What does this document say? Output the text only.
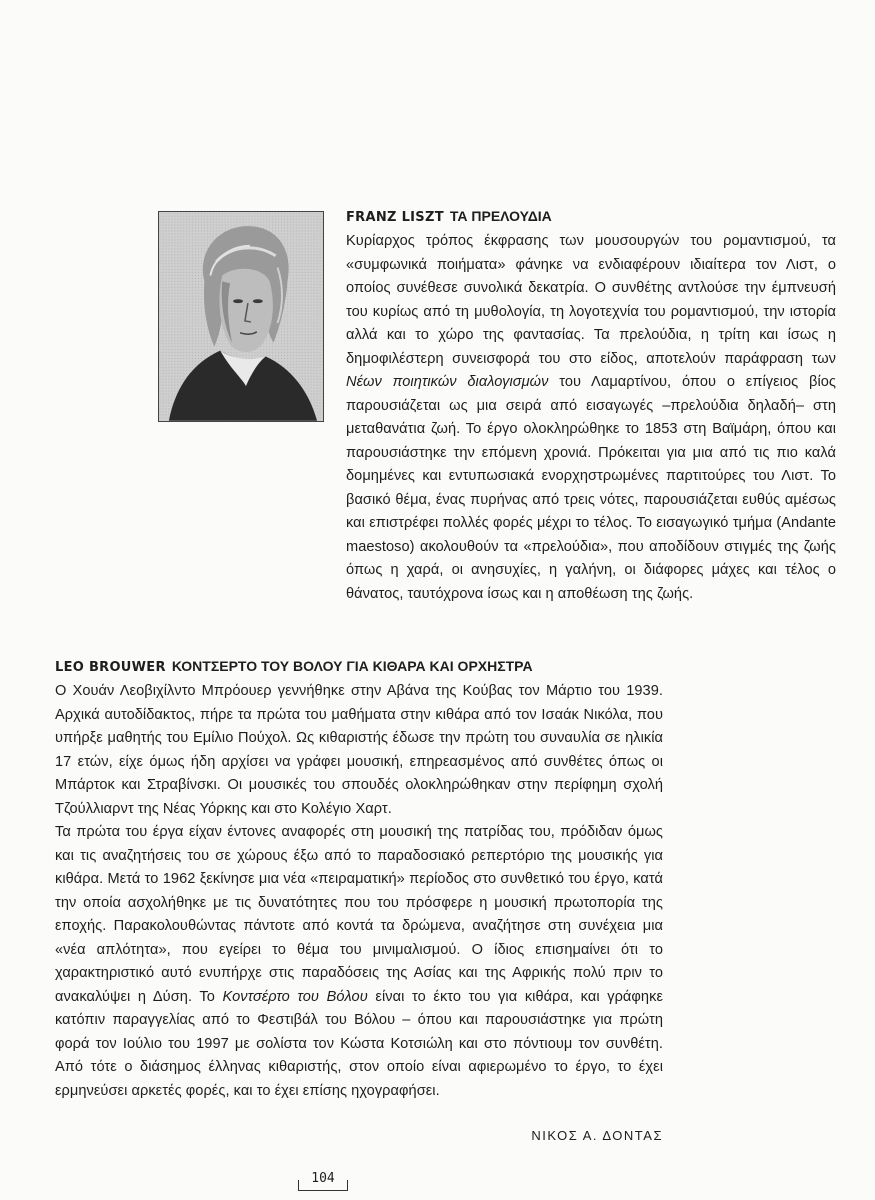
FRANZ LISZT ΤΑ ΠΡΕΛΟΥΔΙΑ

Κυρίαρχος τρόπος έκφρασης των μουσουργών του ρομαντισμού, τα «συμφωνικά ποιήματα» φάνηκε να ενδιαφέρουν ιδιαίτερα τον Λιστ, ο οποίος συνέθεσε συνολικά δεκατρία. Ο συνθέτης αντλούσε την έμπνευσή του κυρίως από τη μυθολογία, τη λογοτεχνία του ρομαντισμού, την ιστορία αλλά και το χώρο της φαντασίας. Τα πρελούδια, η τρίτη και ίσως η δημοφιλέστερη συνεισφορά του στο είδος, αποτελούν παράφραση των Νέων ποιητικών διαλογισμών του Λαμαρτίνου, όπου ο επίγειος βίος παρουσιάζεται ως μια σειρά από εισαγωγές –πρελούδια δηλαδή– στη μεταθανάτια ζωή. Το έργο ολοκληρώθηκε το 1853 στη Βαϊμάρη, όπου και παρουσιάστηκε την επόμενη χρονιά. Πρόκειται για μια από τις πιο καλά δομημένες και εντυπωσιακά ενορχηστρωμένες παρτιτούρες του Λιστ. Το βασικό θέμα, ένας πυρήνας από τρεις νότες, παρουσιάζεται ευθύς αμέσως και επιστρέφει πολλές φορές μέχρι το τέλος. Το εισαγωγικό τμήμα (Andante maestoso) ακολουθούν τα «πρελούδια», που αποδίδουν στιγμές της ζωής όπως η χαρά, οι ανησυχίες, η γαλήνη, οι διάφορες μάχες και τέλος ο θάνατος, ταυτόχρονα ίσως και η αποθέωση της ζωής.

LEO BROUWER ΚΟΝΤΣΕΡΤΟ ΤΟΥ ΒΟΛΟΥ ΓΙΑ ΚΙΘΑΡΑ ΚΑΙ ΟΡΧΗΣΤΡΑ

Ο Χουάν Λεοβιχίλντο Μπρόουερ γεννήθηκε στην Αβάνα της Κούβας τον Μάρτιο του 1939. Αρχικά αυτοδίδακτος, πήρε τα πρώτα του μαθήματα στην κιθάρα από τον Ισαάκ Νικόλα, που υπήρξε μαθητής του Εμίλιο Πούχολ. Ως κιθαριστής έδωσε την πρώτη του συναυλία σε ηλικία 17 ετών, είχε όμως ήδη αρχίσει να γράφει μουσική, επηρεασμένος από συνθέτες όπως οι Μπάρτοκ και Στραβίνσκι. Οι μουσικές του σπουδές ολοκληρώθηκαν στην περίφημη σχολή Τζούλλιαρντ της Νέας Υόρκης και στο Κολέγιο Χαρτ.

Τα πρώτα του έργα είχαν έντονες αναφορές στη μουσική της πατρίδας του, πρόδιδαν όμως και τις αναζητήσεις του σε χώρους έξω από το παραδοσιακό ρεπερτόριο της μουσικής για κιθάρα. Μετά το 1962 ξεκίνησε μια νέα «πειραματική» περίοδος στο συνθετικό του έργο, κατά την οποία ασχολήθηκε με τις δυνατότητες που του πρόσφερε η μουσική πρωτοπορία της εποχής. Παρακολουθώντας πάντοτε από κοντά τα δρώμενα, αναζήτησε στη συνέχεια μια «νέα απλότητα», που εγείρει το θέμα του μινιμαλισμού. Ο ίδιος επισημαίνει ότι το χαρακτηριστικό αυτό ενυπήρχε στις παραδόσεις της Ασίας και της Αφρικής πολύ πριν το ανακαλύψει η Δύση. Το Κοντσέρτο του Βόλου είναι το έκτο του για κιθάρα, και γράφηκε κατόπιν παραγγελίας από το Φεστιβάλ του Βόλου – όπου και παρουσιάστηκε για πρώτη φορά τον Ιούλιο του 1997 με σολίστα τον Κώστα Κοτσιώλη και στο πόντιουμ τον συνθέτη. Από τότε ο διάσημος έλληνας κιθαριστής, στον οποίο είναι αφιερωμένο το έργο, το έχει ερμηνεύσει αρκετές φορές, και το έχει επίσης ηχογραφήσει.

ΝΙΚΟΣ Α. ΔΟΝΤΑΣ
104
